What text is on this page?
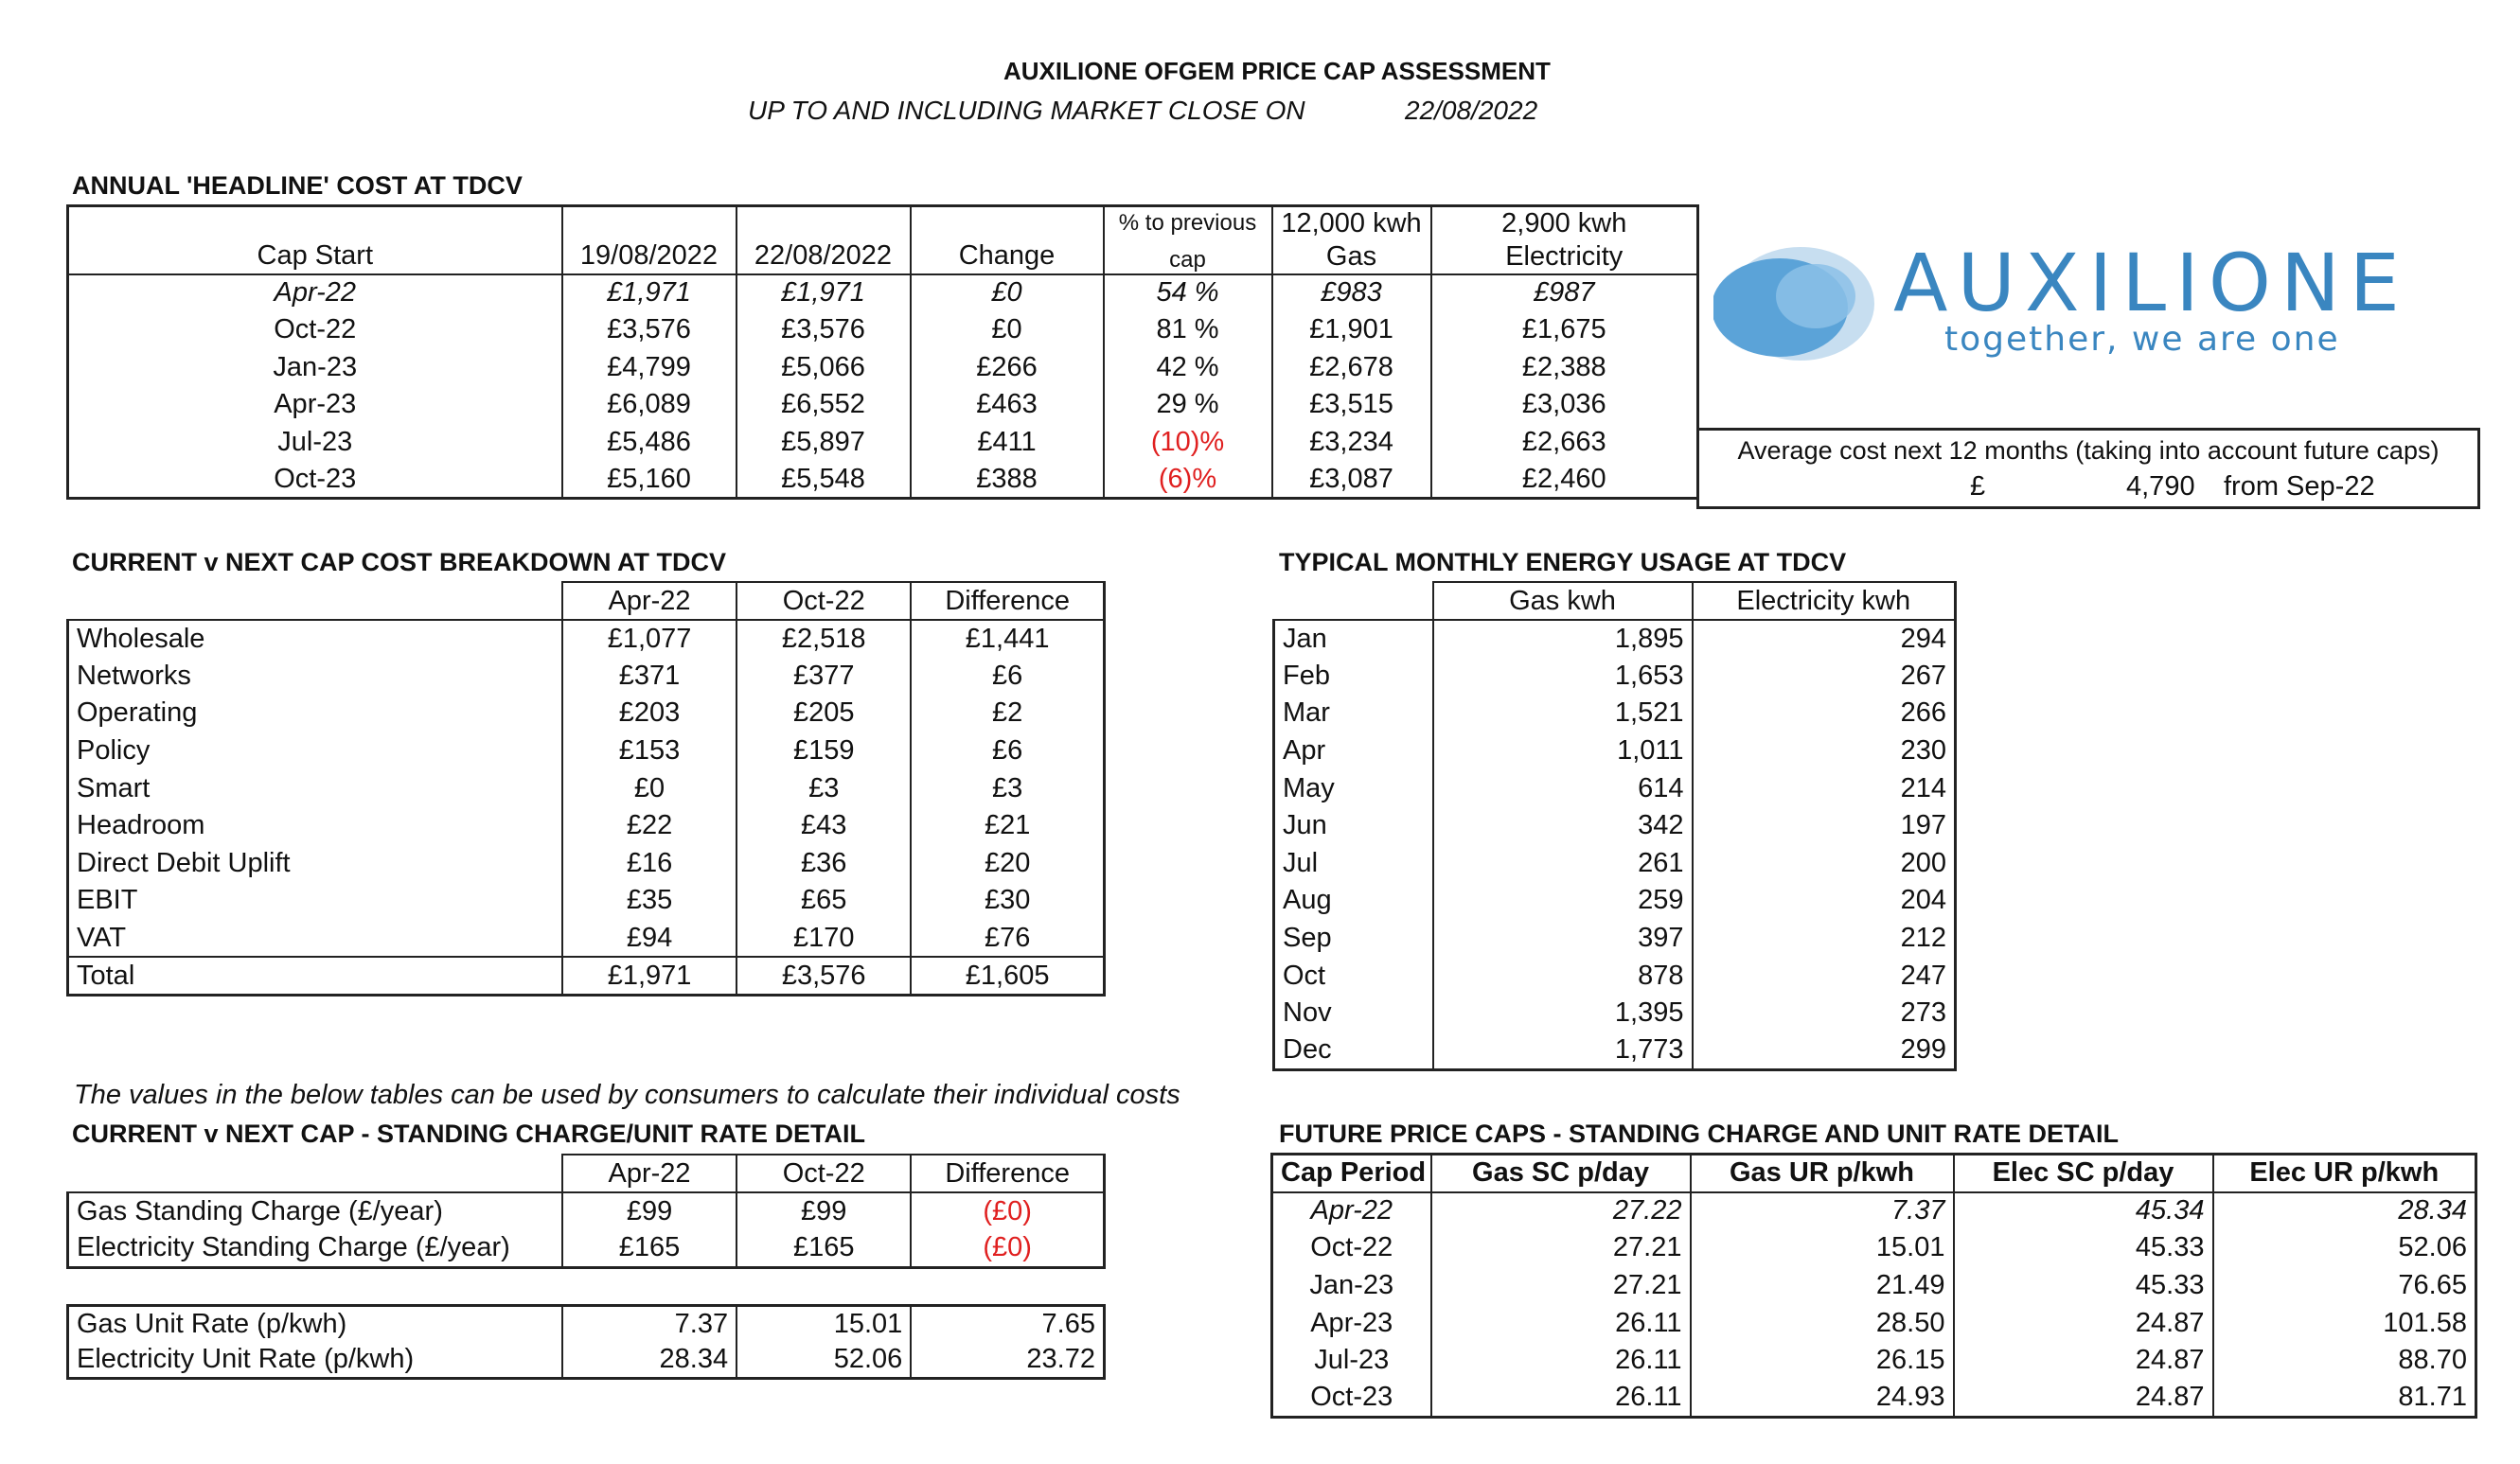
AUXILIONE OFGEM PRICE CAP ASSESSMENT
UP TO AND INCLUDING MARKET CLOSE ON	22/08/2022
ANNUAL 'HEADLINE' COST AT TDCV
Cap Start	19/08/2022	22/08/2022	Change	% to previous	12,000 kwh	2,900 kwh
				cap	Gas	Electricity
Apr-22	£1,971	£1,971	£0	54 %	£983	£987
Oct-22	£3,576	£3,576	£0	81 %	£1,901	£1,675
Jan-23	£4,799	£5,066	£266	42 %	£2,678	£2,388
Apr-23	£6,089	£6,552	£463	29 %	£3,515	£3,036
Jul-23	£5,486	£5,897	£411	(10)%	£3,234	£2,663
Oct-23	£5,160	£5,548	£388	(6)%	£3,087	£2,460
AUXILIONE
together, we are one
Average cost next 12 months (taking into account future caps)
£	4,790 from Sep-22
CURRENT v NEXT CAP COST BREAKDOWN AT TDCV
	Apr-22	Oct-22	Difference
Wholesale	£1,077	£2,518	£1,441
Networks	£371	£377	£6
Operating	£203	£205	£2
Policy	£153	£159	£6
Smart	£0	£3	£3
Headroom	£22	£43	£21
Direct Debit Uplift	£16	£36	£20
EBIT	£35	£65	£30
VAT	£94	£170	£76
Total	£1,971	£3,576	£1,605
TYPICAL MONTHLY ENERGY USAGE AT TDCV
	Gas kwh	Electricity kwh
Jan	1,895	294
Feb	1,653	267
Mar	1,521	266
Apr	1,011	230
May	614	214
Jun	342	197
Jul	261	200
Aug	259	204
Sep	397	212
Oct	878	247
Nov	1,395	273
Dec	1,773	299
The values in the below tables can be used by consumers to calculate their individual costs
CURRENT v NEXT CAP - STANDING CHARGE/UNIT RATE DETAIL
	Apr-22	Oct-22	Difference
Gas Standing Charge (£/year)	£99	£99	(£0)
Electricity Standing Charge (£/year)	£165	£165	(£0)
Gas Unit Rate (p/kwh)	7.37	15.01	7.65
Electricity Unit Rate (p/kwh)	28.34	52.06	23.72
FUTURE PRICE CAPS - STANDING CHARGE AND UNIT RATE DETAIL
Cap Period	Gas SC p/day	Gas UR p/kwh	Elec SC p/day	Elec UR p/kwh
Apr-22	27.22	7.37	45.34	28.34
Oct-22	27.21	15.01	45.33	52.06
Jan-23	27.21	21.49	45.33	76.65
Apr-23	26.11	28.50	24.87	101.58
Jul-23	26.11	26.15	24.87	88.70
Oct-23	26.11	24.93	24.87	81.71
